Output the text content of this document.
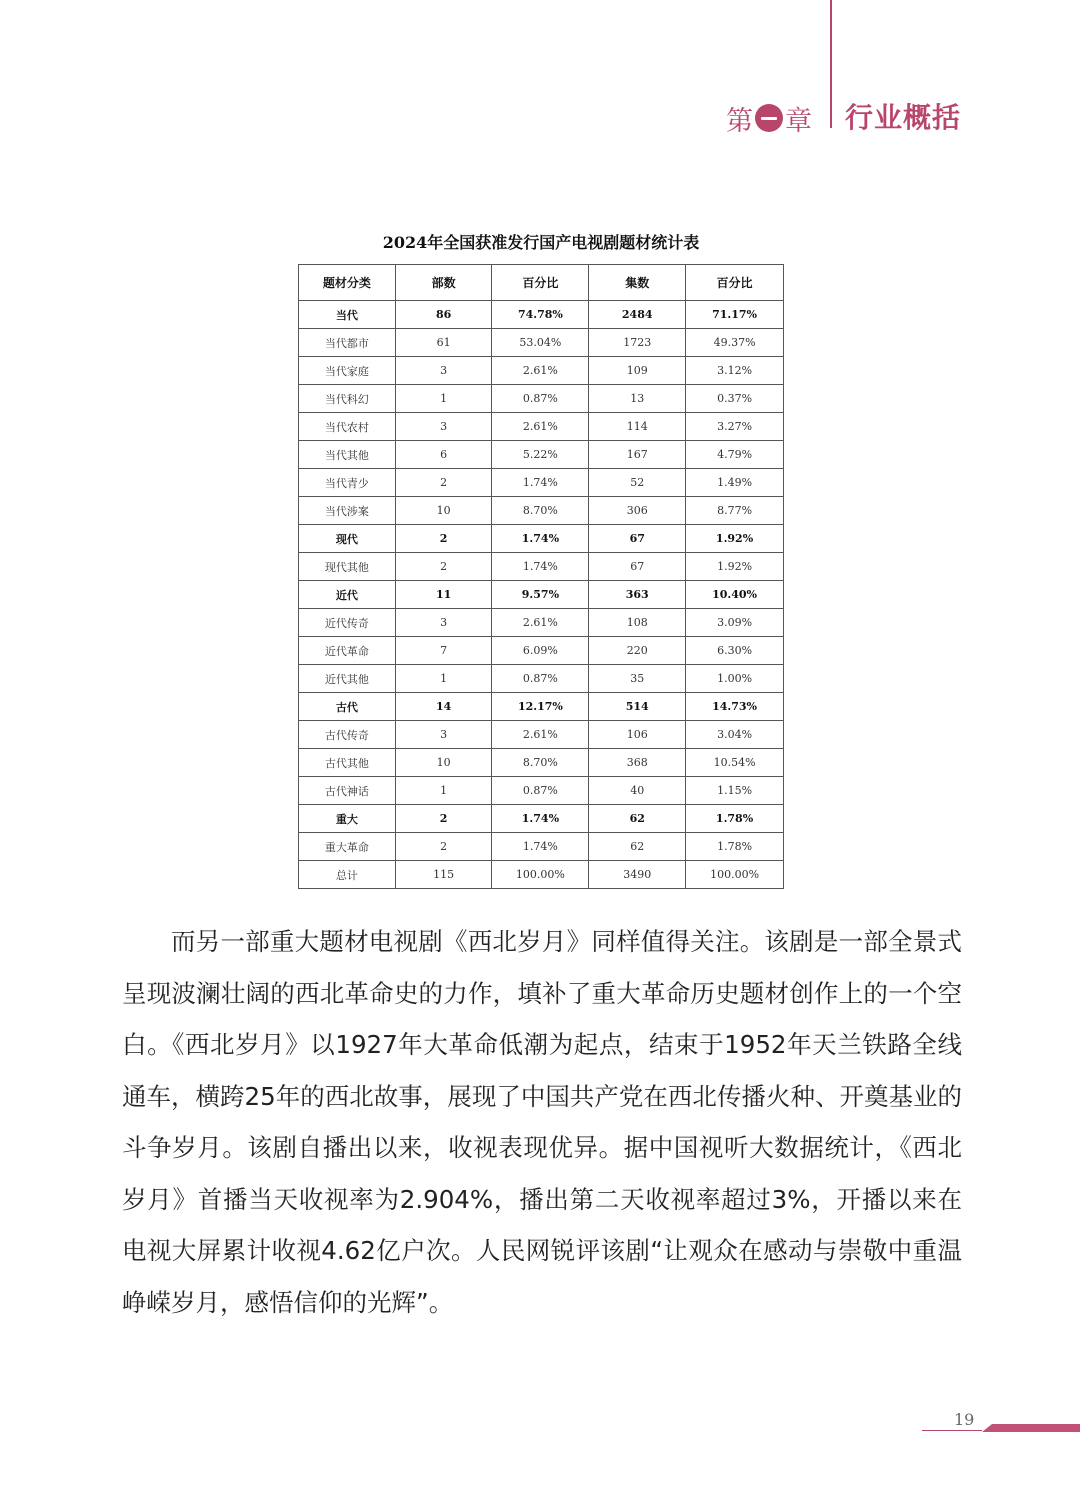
第 章 行业概括
2024年全国获准发行国产电视剧题材统计表
题材分类	部数	百分比	集数	百分比
当代	86	74.78%	2484	71.17%
当代都市	61	53.04%	1723	49.37%
当代家庭	3	2.61%	109	3.12%
当代科幻	1	0.87%	13	0.37%
当代农村	3	2.61%	114	3.27%
当代其他	6	5.22%	167	4.79%
当代青少	2	1.74%	52	1.49%
当代涉案	10	8.70%	306	8.77%
现代	2	1.74%	67	1.92%
现代其他	2	1.74%	67	1.92%
近代	11	9.57%	363	10.40%
近代传奇	3	2.61%	108	3.09%
近代革命	7	6.09%	220	6.30%
近代其他	1	0.87%	35	1.00%
古代	14	12.17%	514	14.73%
古代传奇	3	2.61%	106	3.04%
古代其他	10	8.70%	368	10.54%
古代神话	1	0.87%	40	1.15%
重大	2	1.74%	62	1.78%
重大革命	2	1.74%	62	1.78%
总计	115	100.00%	3490	100.00%

而另一部重大题材电视剧《西北岁月》同样值得关注。该剧是一部全景式呈现波澜壮阔的西北革命史的力作，填补了重大革命历史题材创作上的一个空白。《西北岁月》以1927年大革命低潮为起点，结束于1952年天兰铁路全线通车，横跨25年的西北故事，展现了中国共产党在西北传播火种、开奠基业的斗争岁月。该剧自播出以来，收视表现优异。据中国视听大数据统计，《西北岁月》首播当天收视率为2.904%，播出第二天收视率超过3%，开播以来在电视大屏累计收视4.62亿户次。人民网锐评该剧“让观众在感动与崇敬中重温峥嵘岁月，感悟信仰的光辉”。

19
